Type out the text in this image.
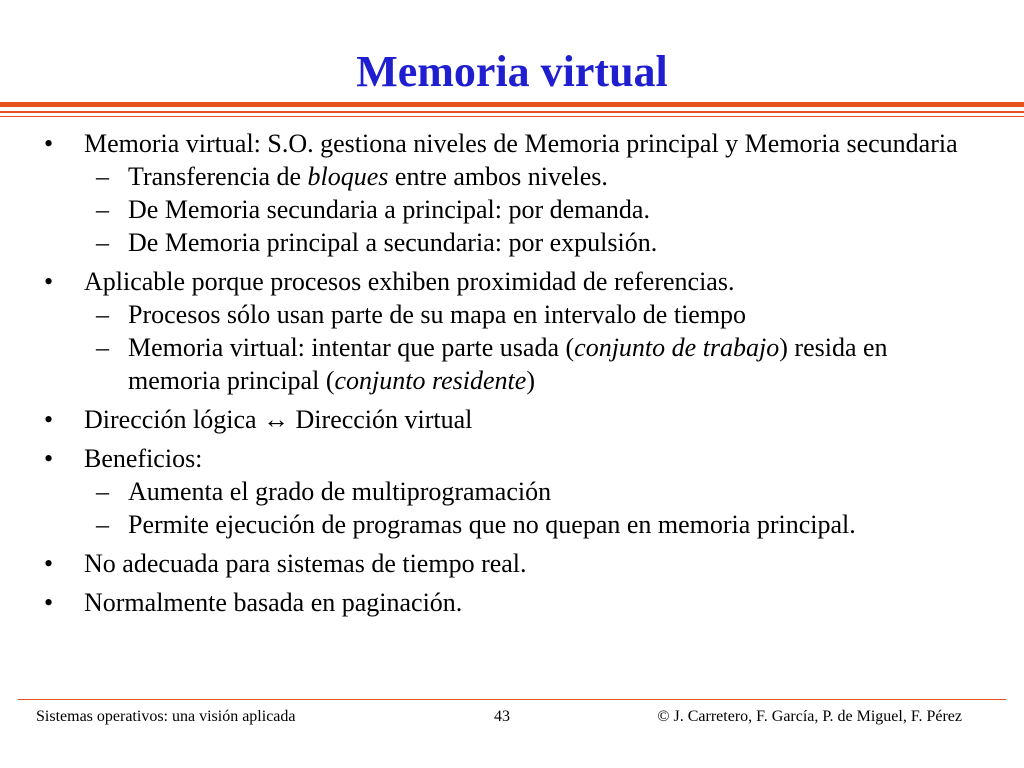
Memoria virtual
• Memoria virtual: S.O. gestiona niveles de Memoria principal y Memoria secundaria
– Transferencia de bloques entre ambos niveles.
– De Memoria secundaria a principal: por demanda.
– De Memoria principal a secundaria: por expulsión.
• Aplicable porque procesos exhiben proximidad de referencias.
– Procesos sólo usan parte de su mapa en intervalo de tiempo
– Memoria virtual: intentar que parte usada (conjunto de trabajo) resida en memoria principal (conjunto residente)
• Dirección lógica ↔ Dirección virtual
• Beneficios:
– Aumenta el grado de multiprogramación
– Permite ejecución de programas que no quepan en memoria principal.
• No adecuada para sistemas de tiempo real.
• Normalmente basada en paginación.
Sistemas operativos: una visión aplicada	43	© J. Carretero, F. García, P. de Miguel, F. Pérez
